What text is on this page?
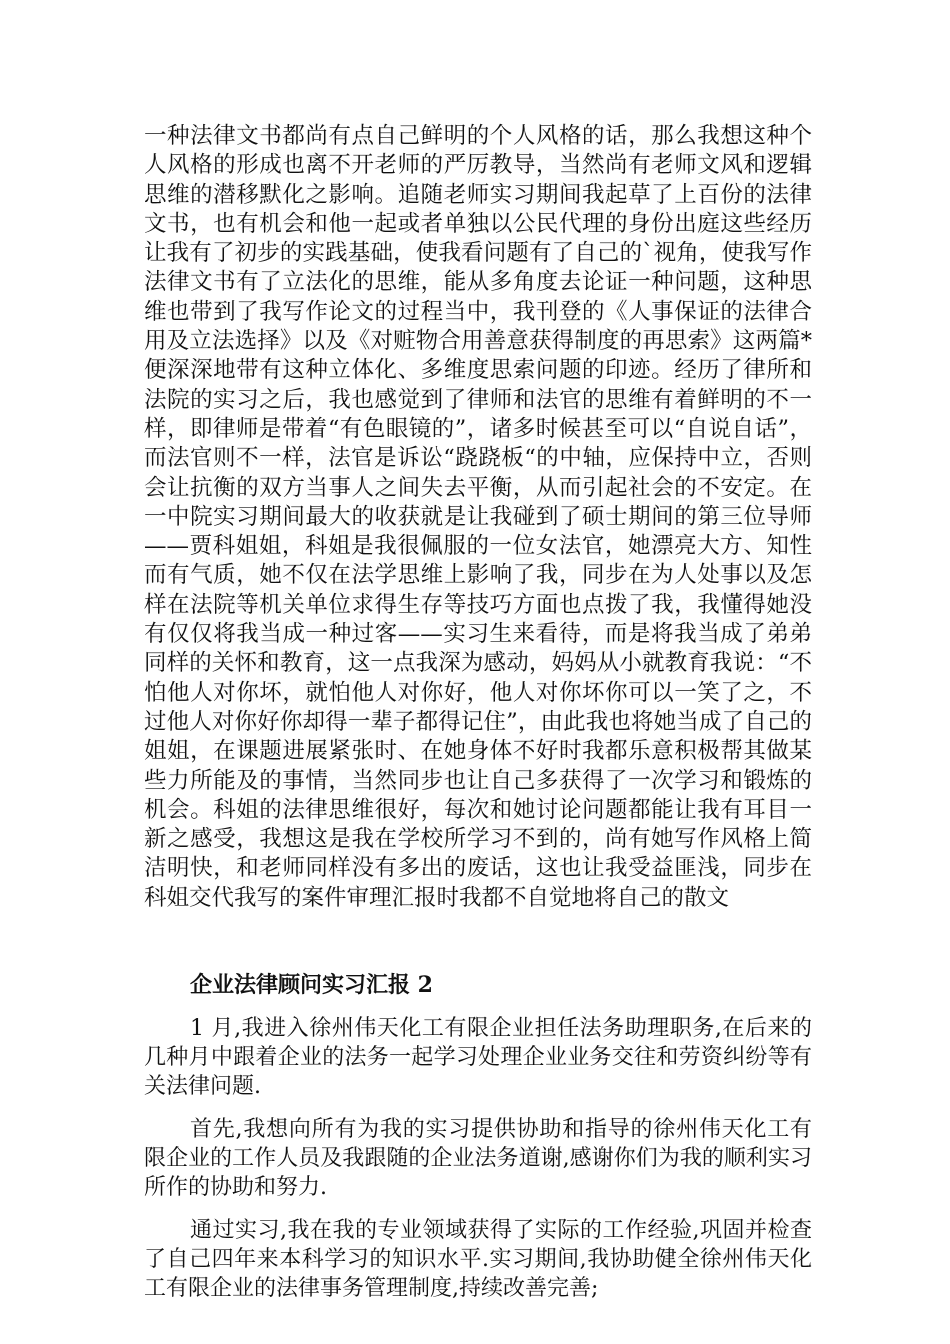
一种法律文书都尚有点自己鲜明的个人风格的话，那么我想这种个人风格的形成也离不开老师的严厉教导，当然尚有老师文风和逻辑思维的潜移默化之影响。追随老师实习期间我起草了上百份的法律文书，也有机会和他一起或者单独以公民代理的身份出庭这些经历让我有了初步的实践基础，使我看问题有了自己的`视角，使我写作法律文书有了立法化的思维，能从多角度去论证一种问题，这种思维也带到了我写作论文的过程当中，我刊登的《人事保证的法律合用及立法选择》以及《对赃物合用善意获得制度的再思索》这两篇*便深深地带有这种立体化、多维度思索问题的印迹。经历了律所和法院的实习之后，我也感觉到了律师和法官的思维有着鲜明的不一样，即律师是带着“有色眼镜的”，诸多时候甚至可以“自说自话”，而法官则不一样，法官是诉讼“跷跷板“的中轴，应保持中立，否则会让抗衡的双方当事人之间失去平衡，从而引起社会的不安定。在一中院实习期间最大的收获就是让我碰到了硕士期间的第三位导师——贾科姐姐，科姐是我很佩服的一位女法官，她漂亮大方、知性而有气质，她不仅在法学思维上影响了我，同步在为人处事以及怎样在法院等机关单位求得生存等技巧方面也点拨了我，我懂得她没有仅仅将我当成一种过客——实习生来看待，而是将我当成了弟弟同样的关怀和教育，这一点我深为感动，妈妈从小就教育我说：“不怕他人对你坏，就怕他人对你好，他人对你坏你可以一笑了之，不过他人对你好你却得一辈子都得记住”，由此我也将她当成了自己的姐姐，在课题进展紧张时、在她身体不好时我都乐意积极帮其做某些力所能及的事情，当然同步也让自己多获得了一次学习和锻炼的机会。科姐的法律思维很好，每次和她讨论问题都能让我有耳目一新之感受，我想这是我在学校所学习不到的，尚有她写作风格上简洁明快，和老师同样没有多出的废话，这也让我受益匪浅，同步在科姐交代我写的案件审理汇报时我都不自觉地将自己的散文

企业法律顾问实习汇报 2

1 月,我进入徐州伟天化工有限企业担任法务助理职务,在后来的几种月中跟着企业的法务一起学习处理企业业务交往和劳资纠纷等有关法律问题.

首先,我想向所有为我的实习提供协助和指导的徐州伟天化工有限企业的工作人员及我跟随的企业法务道谢,感谢你们为我的顺利实习所作的协助和努力.

通过实习,我在我的专业领域获得了实际的工作经验,巩固并检查了自己四年来本科学习的知识水平.实习期间,我协助健全徐州伟天化工有限企业的法律事务管理制度,持续改善完善;
